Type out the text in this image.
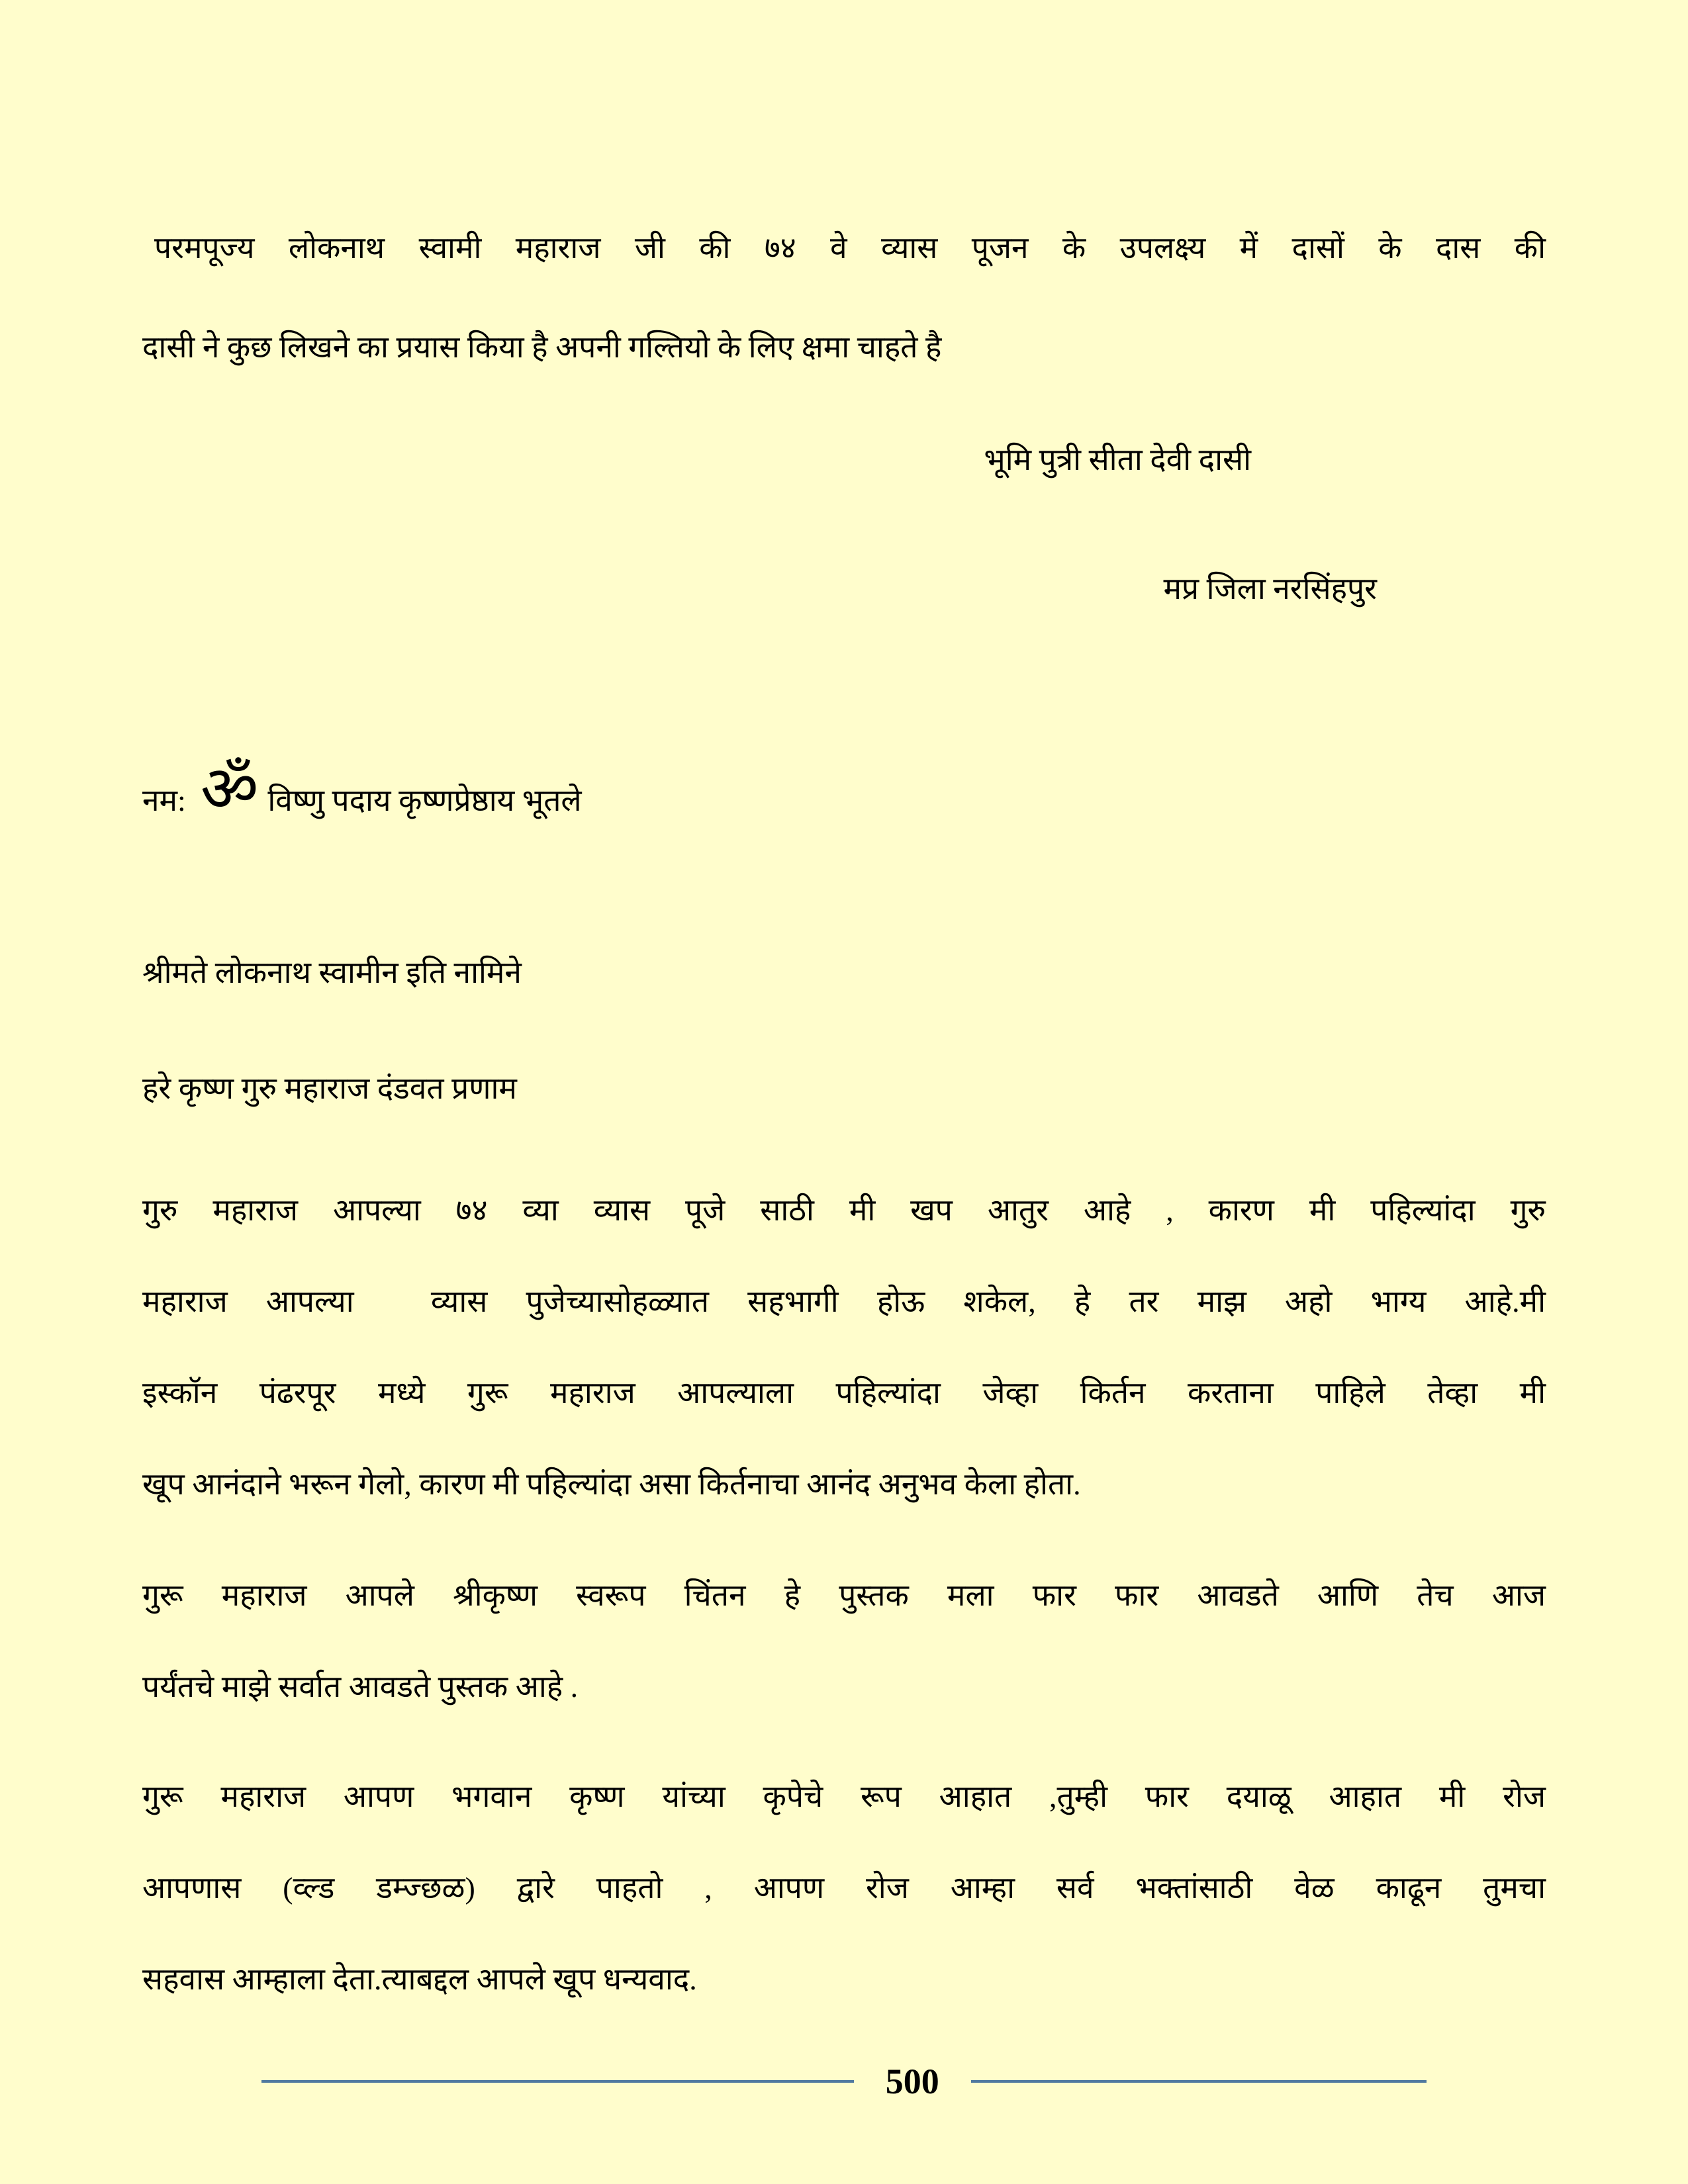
परमपूज्य लोकनाथ स्वामी महाराज जी की ७४ वे व्यास पूजन के उपलक्ष्य में दासों के दास की
दासी ने कुछ लिखने का प्रयास किया है अपनी गल्तियो के लिए क्षमा चाहते है
भूमि पुत्री सीता देवी दासी
मप्र जिला नरसिंहपुर
नम: ॐ विष्णु पदाय कृष्णप्रेष्ठाय भूतले
श्रीमते लोकनाथ स्वामीन इति नामिने
हरे कृष्ण गुरु महाराज दंडवत प्रणाम
गुरु महाराज आपल्या ७४ व्या व्यास पूजे साठी मी खप आतुर आहे , कारण मी पहिल्यांदा गुरु
महाराज आपल्या  व्यास पुजेच्यासोहळ्यात सहभागी होऊ शकेल, हे तर माझ अहो भाग्य आहे.मी
इस्कॉन पंढरपूर मध्ये गुरू महाराज आपल्याला पहिल्यांदा जेव्हा किर्तन करताना पाहिले तेव्हा मी
खूप आनंदाने भरून गेलो, कारण मी पहिल्यांदा असा किर्तनाचा आनंद अनुभव केला होता.
गुरू महाराज आपले श्रीकृष्ण स्वरूप चिंतन हे पुस्तक मला फार फार आवडते आणि तेच आज
पर्यंतचे माझे सर्वात आवडते पुस्तक आहे .
गुरू महाराज आपण भगवान कृष्ण यांच्या कृपेचे रूप आहात ,तुम्ही फार दयाळू आहात मी रोज
आपणास (व्ल्ड डम्ज्छळ) द्वारे पाहतो , आपण रोज आम्हा सर्व भक्तांसाठी वेळ काढून तुमचा
सहवास आम्हाला देता.त्याबद्दल आपले खूप धन्यवाद.
500
